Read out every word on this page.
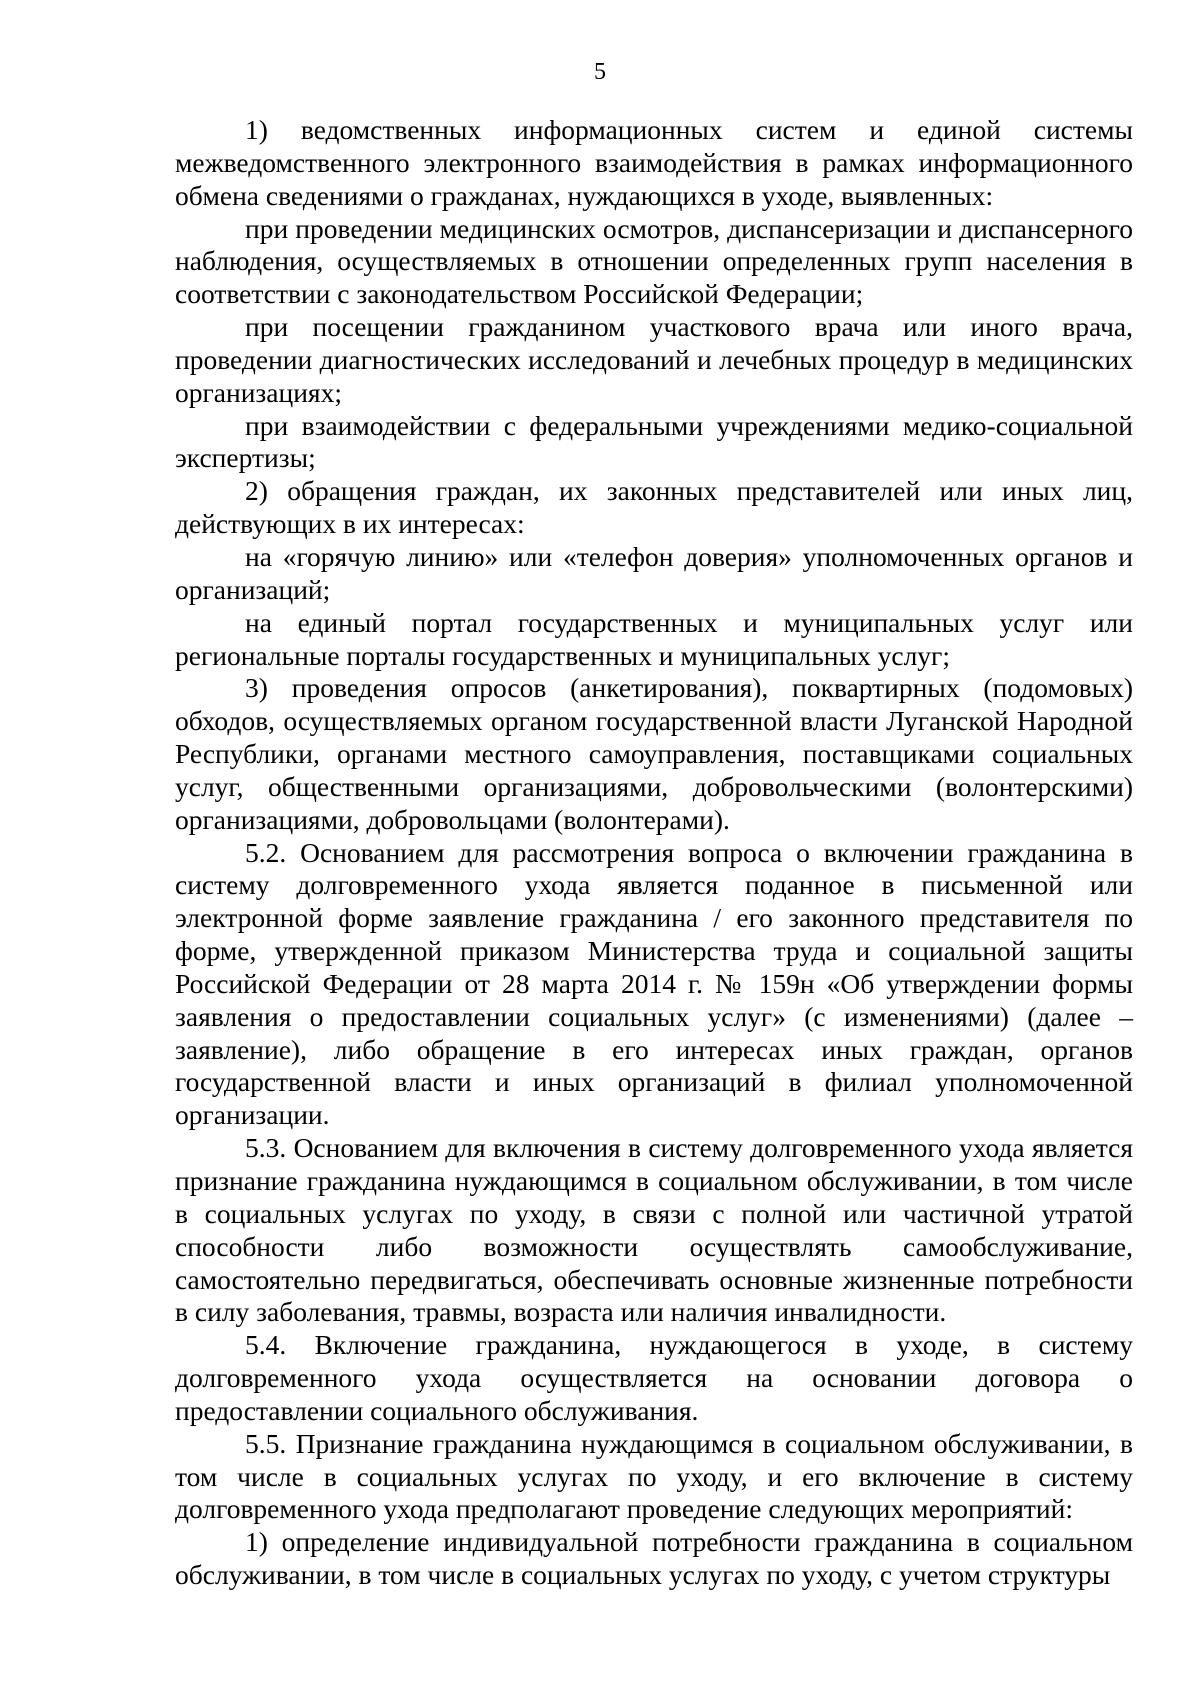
5

1) ведомственных информационных систем и единой системы межведомственного электронного взаимодействия в рамках информационного обмена сведениями о гражданах, нуждающихся в уходе, выявленных:

при проведении медицинских осмотров, диспансеризации и диспансерного наблюдения, осуществляемых в отношении определенных групп населения в соответствии с законодательством Российской Федерации;

при посещении гражданином участкового врача или иного врача, проведении диагностических исследований и лечебных процедур в медицинских организациях;

при взаимодействии с федеральными учреждениями медико-социальной экспертизы;

2) обращения граждан, их законных представителей или иных лиц, действующих в их интересах:

на «горячую линию» или «телефон доверия» уполномоченных органов и организаций;

на единый портал государственных и муниципальных услуг или региональные порталы государственных и муниципальных услуг;

3) проведения опросов (анкетирования), поквартирных (подомовых) обходов, осуществляемых органом государственной власти Луганской Народной Республики, органами местного самоуправления, поставщиками социальных услуг, общественными организациями, добровольческими (волонтерскими) организациями, добровольцами (волонтерами).

5.2. Основанием для рассмотрения вопроса о включении гражданина в систему долговременного ухода является поданное в письменной или электронной форме заявление гражданина / его законного представителя по форме, утвержденной приказом Министерства труда и социальной защиты Российской Федерации от 28 марта 2014 г. № 159н «Об утверждении формы заявления о предоставлении социальных услуг» (с изменениями) (далее – заявление), либо обращение в его интересах иных граждан, органов государственной власти и иных организаций в филиал уполномоченной организации.

5.3. Основанием для включения в систему долговременного ухода является признание гражданина нуждающимся в социальном обслуживании, в том числе в социальных услугах по уходу, в связи с полной или частичной утратой способности либо возможности осуществлять самообслуживание, самостоятельно передвигаться, обеспечивать основные жизненные потребности в силу заболевания, травмы, возраста или наличия инвалидности.

5.4. Включение гражданина, нуждающегося в уходе, в систему долговременного ухода осуществляется на основании договора о предоставлении социального обслуживания.

5.5. Признание гражданина нуждающимся в социальном обслуживании, в том числе в социальных услугах по уходу, и его включение в систему долговременного ухода предполагают проведение следующих мероприятий:

1) определение индивидуальной потребности гражданина в социальном обслуживании, в том числе в социальных услугах по уходу, с учетом структуры
